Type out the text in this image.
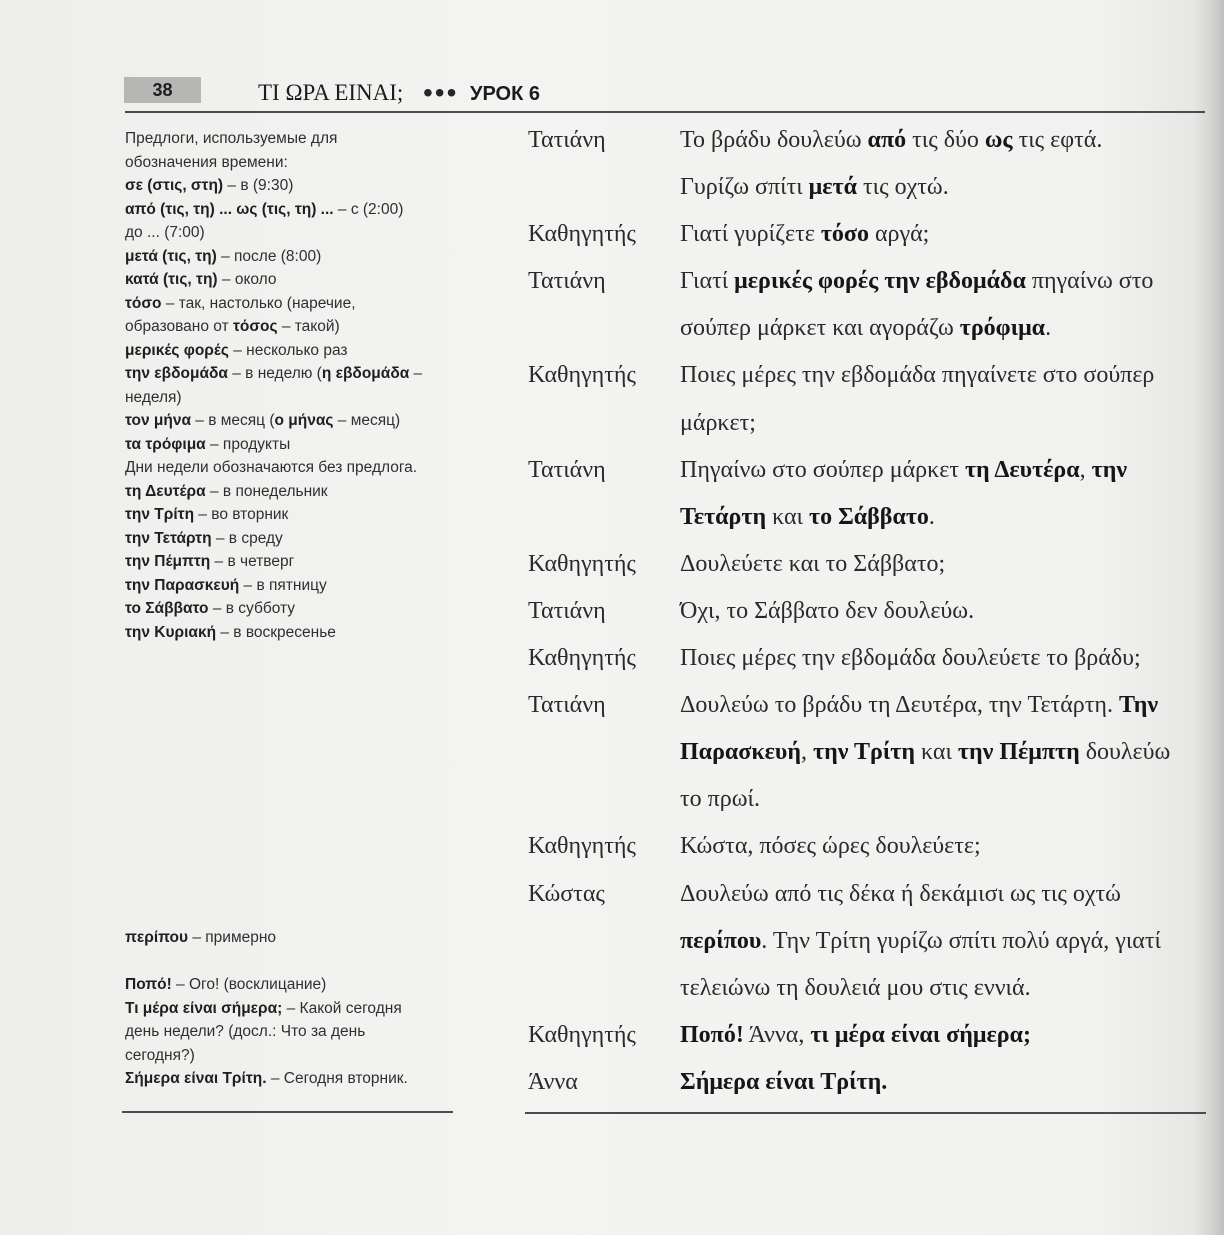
38	ΤΙ ΩΡΑ ΕΙΝΑΙ; ••• УРОК 6
Предлоги, используемые для
обозначения времени:
σε (στις, στη) – в (9:30)
από (τις, τη) ... ως (τις, τη) ... – с (2:00)
до ... (7:00)
μετά (τις, τη) – после (8:00)
κατά (τις, τη) – около
τόσο – так, настолько (наречие,
образовано от τόσος – такой)
μερικές φορές – несколько раз
την εβδομάδα – в неделю (η εβδομάδα –
неделя)
τον μήνα – в месяц (ο μήνας – месяц)
τα τρόφιμα – продукты
Дни недели обозначаются без предлога.
τη Δευτέρα – в понедельник
την Τρίτη – во вторник
την Τετάρτη – в среду
την Πέμπτη – в четверг
την Παρασκευή – в пятницу
το Σάββατο – в субботу
την Κυριακή – в воскресенье
περίπου – примерно
Ποπό! – Ого! (восклицание)
Τι μέρα είναι σήμερα; – Какой сегодня
день недели? (досл.: Что за день
сегодня?)
Σήμερα είναι Τρίτη. – Сегодня вторник.
Τατιάνη	Το βράδυ δουλεύω από τις δύο ως τις εφτά.
Γυρίζω σπίτι μετά τις οχτώ.
Καθηγητής	Γιατί γυρίζετε τόσο αργά;
Τατιάνη	Γιατί μερικές φορές την εβδομάδα πηγαίνω στο
σούπερ μάρκετ και αγοράζω τρόφιμα.
Καθηγητής	Ποιες μέρες την εβδομάδα πηγαίνετε στο σούπερ
μάρκετ;
Τατιάνη	Πηγαίνω στο σούπερ μάρκετ τη Δευτέρα, την
Τετάρτη και το Σάββατο.
Καθηγητής	Δουλεύετε και το Σάββατο;
Τατιάνη	Όχι, το Σάββατο δεν δουλεύω.
Καθηγητής	Ποιες μέρες την εβδομάδα δουλεύετε το βράδυ;
Τατιάνη	Δουλεύω το βράδυ τη Δευτέρα, την Τετάρτη. Την
Παρασκευή, την Τρίτη και την Πέμπτη δουλεύω
το πρωί.
Καθηγητής	Κώστα, πόσες ώρες δουλεύετε;
Κώστας	Δουλεύω από τις δέκα ή δεκάμισι ως τις οχτώ
περίπου. Την Τρίτη γυρίζω σπίτι πολύ αργά, γιατί
τελειώνω τη δουλειά μου στις εννιά.
Καθηγητής	Ποπό! Άννα, τι μέρα είναι σήμερα;
Άννα	Σήμερα είναι Τρίτη.
